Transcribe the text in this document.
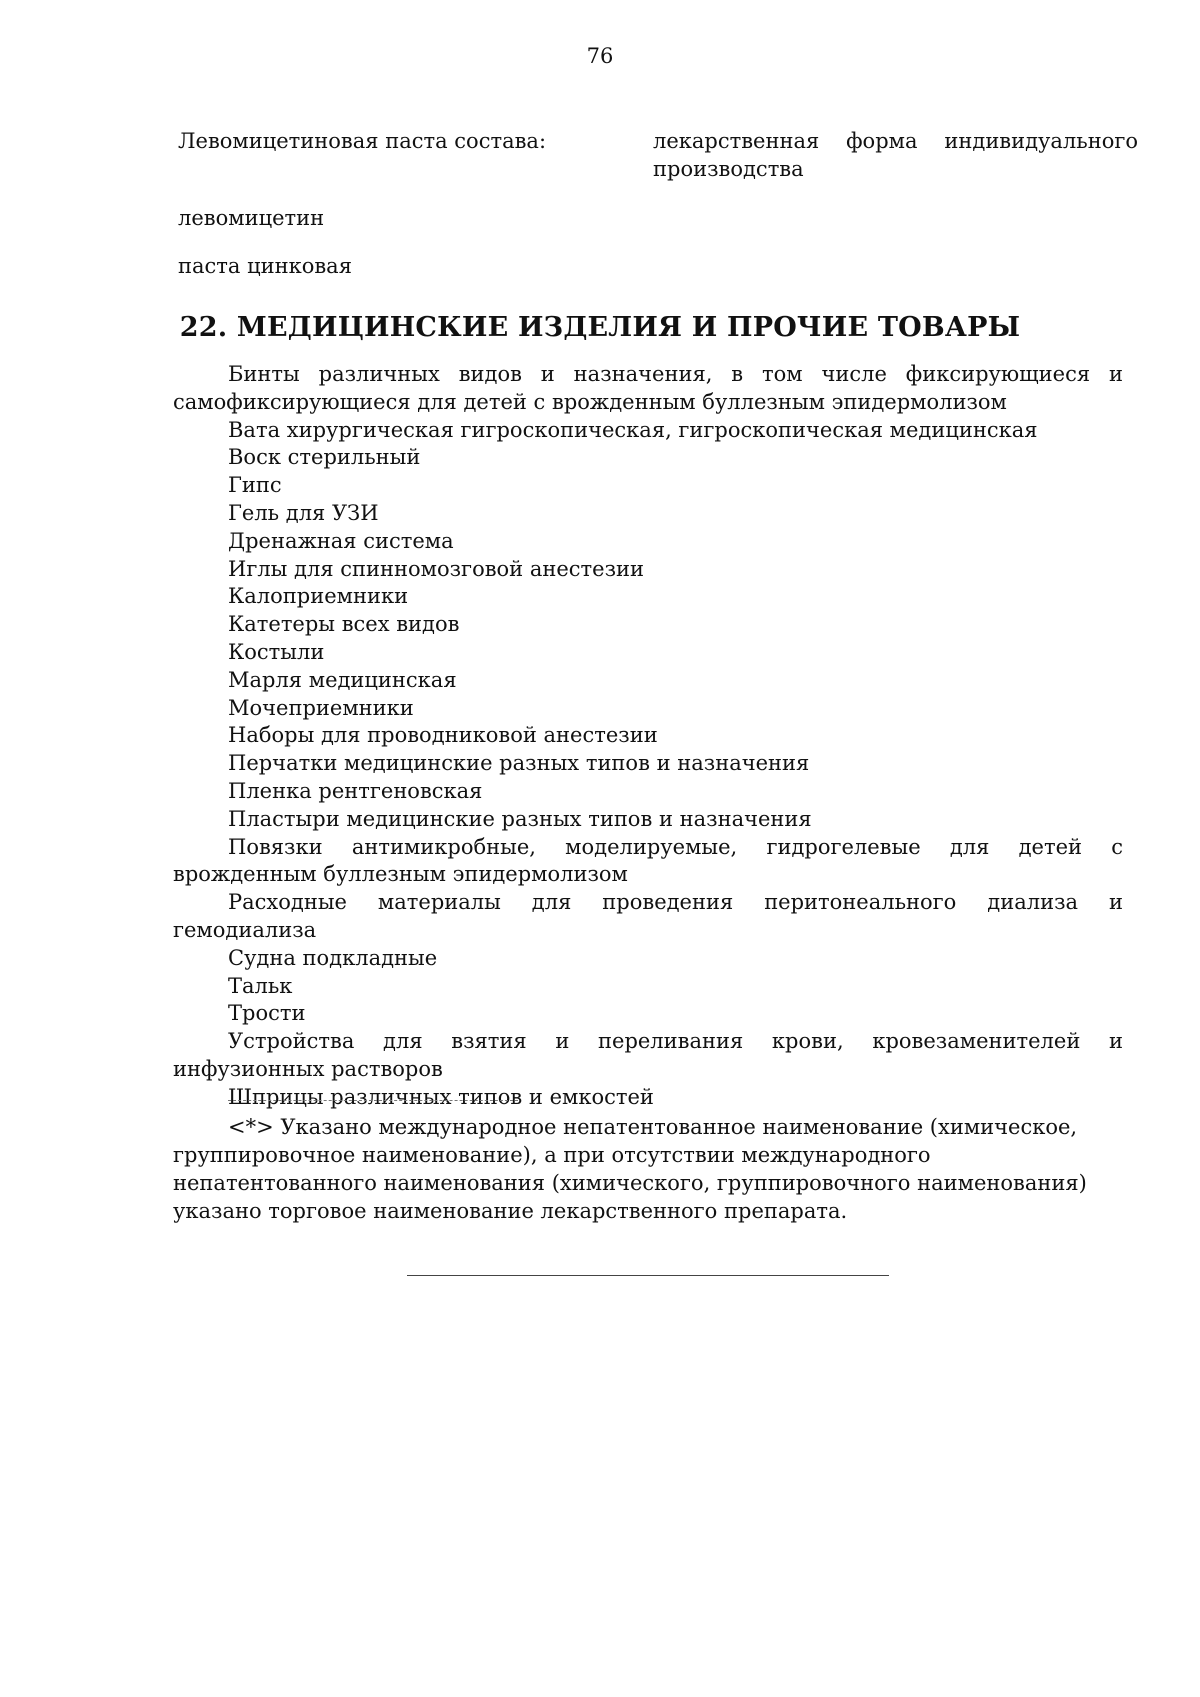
76
Левомицетиновая паста состава:	лекарственная форма индивидуального
производства
левомицетин
паста цинковая
22. МЕДИЦИНСКИЕ ИЗДЕЛИЯ И ПРОЧИЕ ТОВАРЫ

Бинты различных видов и назначения, в том числе фиксирующиеся и самофиксирующиеся для детей с врожденным буллезным эпидермолизом

Вата хирургическая гигроскопическая, гигроскопическая медицинская

Воск стерильный

Гипс

Гель для УЗИ

Дренажная система

Иглы для спинномозговой анестезии

Калоприемники

Катетеры всех видов

Костыли

Марля медицинская

Мочеприемники

Наборы для проводниковой анестезии

Перчатки медицинские разных типов и назначения

Пленка рентгеновская

Пластыри медицинские разных типов и назначения

Повязки антимикробные, моделируемые, гидрогелевые для детей с врожденным буллезным эпидермолизом

Расходные материалы для проведения перитонеального диализа и гемодиализа

Судна подкладные

Тальк

Трости

Устройства для взятия и переливания крови, кровезаменителей и инфузионных растворов

Шприцы различных типов и емкостей

<*> Указано международное непатентованное наименование (химическое, группировочное наименование), а при отсутствии международного непатентованного наименования (химического, группировочного наименования) указано торговое наименование лекарственного препарата.
